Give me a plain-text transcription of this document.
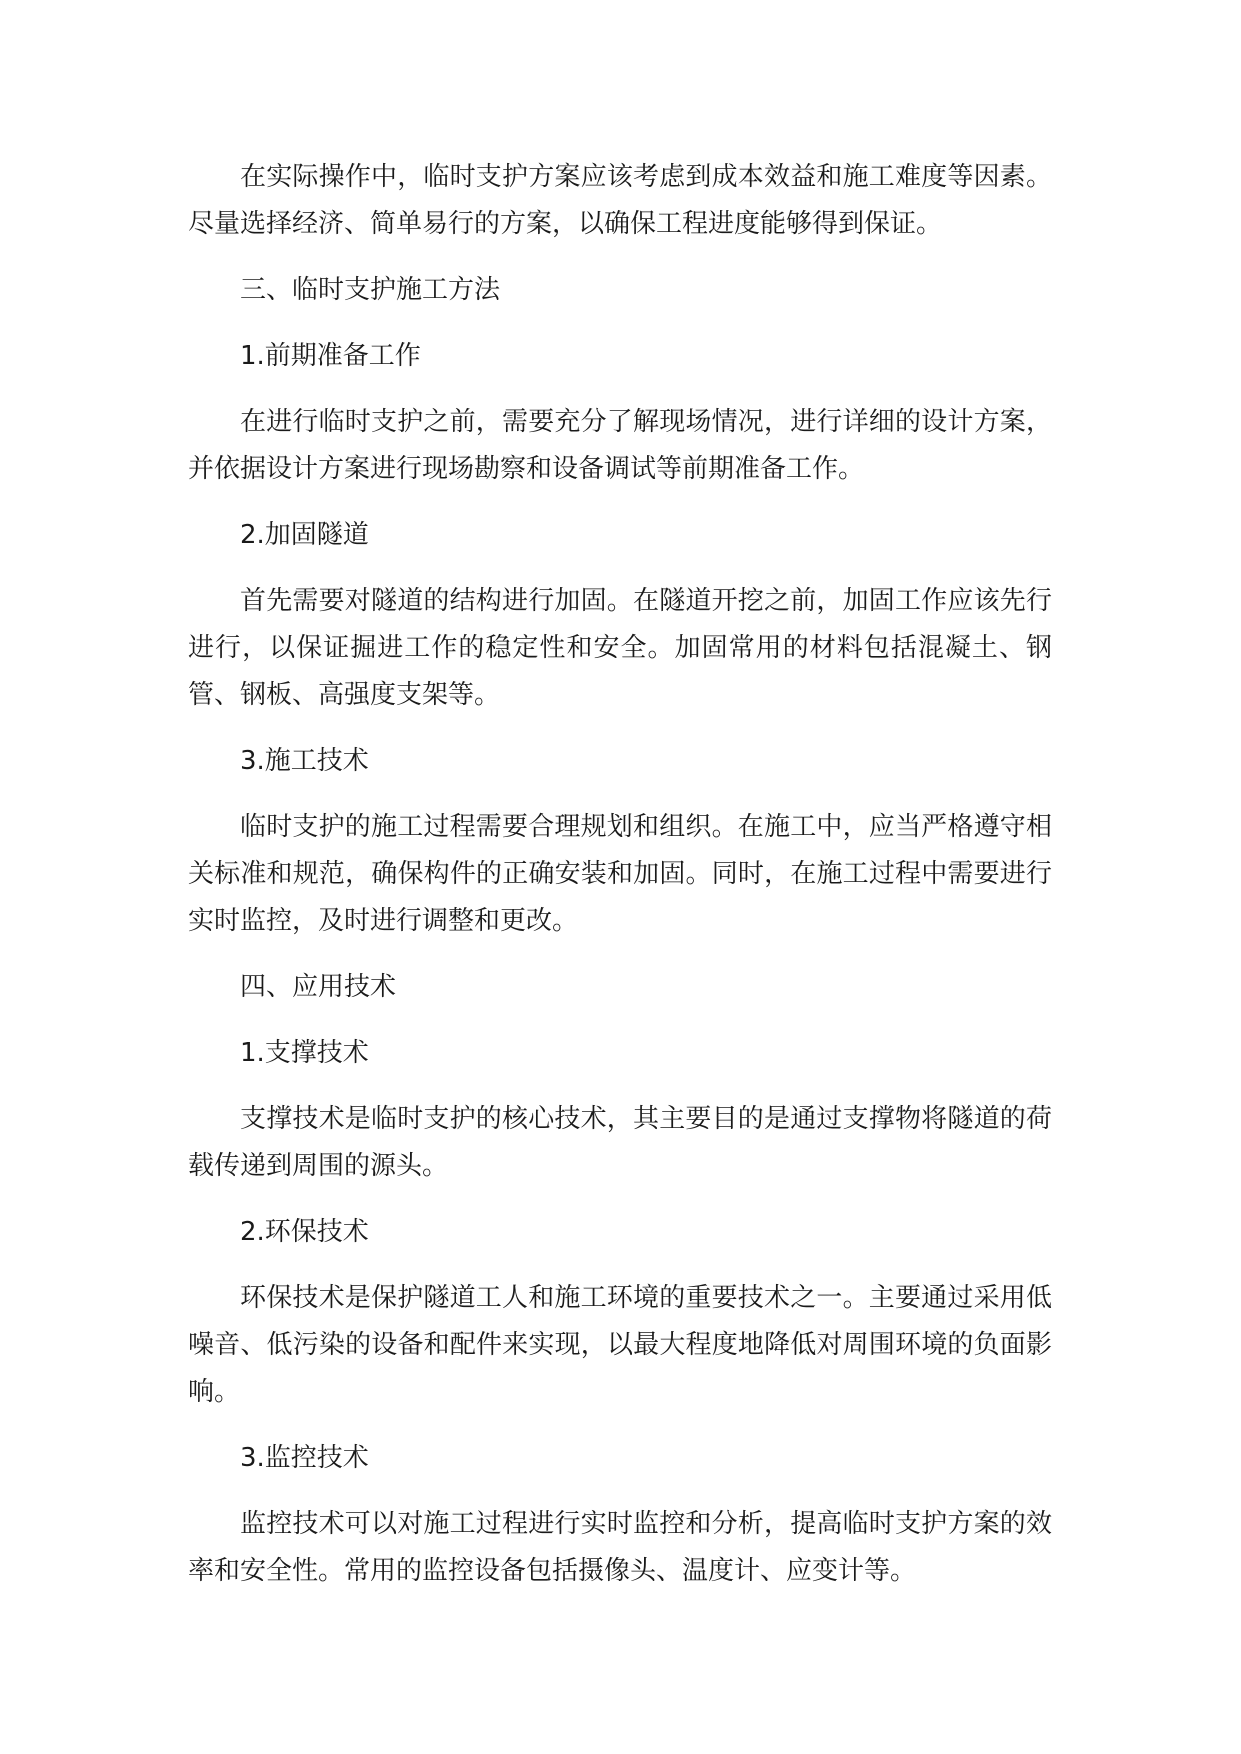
在实际操作中，临时支护方案应该考虑到成本效益和施工难度等因素。尽量选择经济、简单易行的方案，以确保工程进度能够得到保证。

三、临时支护施工方法

1.前期准备工作

在进行临时支护之前，需要充分了解现场情况，进行详细的设计方案，并依据设计方案进行现场勘察和设备调试等前期准备工作。

2.加固隧道

首先需要对隧道的结构进行加固。在隧道开挖之前，加固工作应该先行进行，以保证掘进工作的稳定性和安全。加固常用的材料包括混凝土、钢管、钢板、高强度支架等。

3.施工技术

临时支护的施工过程需要合理规划和组织。在施工中，应当严格遵守相关标准和规范，确保构件的正确安装和加固。同时，在施工过程中需要进行实时监控，及时进行调整和更改。

四、应用技术

1.支撑技术

支撑技术是临时支护的核心技术，其主要目的是通过支撑物将隧道的荷载传递到周围的源头。

2.环保技术

环保技术是保护隧道工人和施工环境的重要技术之一。主要通过采用低噪音、低污染的设备和配件来实现，以最大程度地降低对周围环境的负面影响。

3.监控技术

监控技术可以对施工过程进行实时监控和分析，提高临时支护方案的效率和安全性。常用的监控设备包括摄像头、温度计、应变计等。
